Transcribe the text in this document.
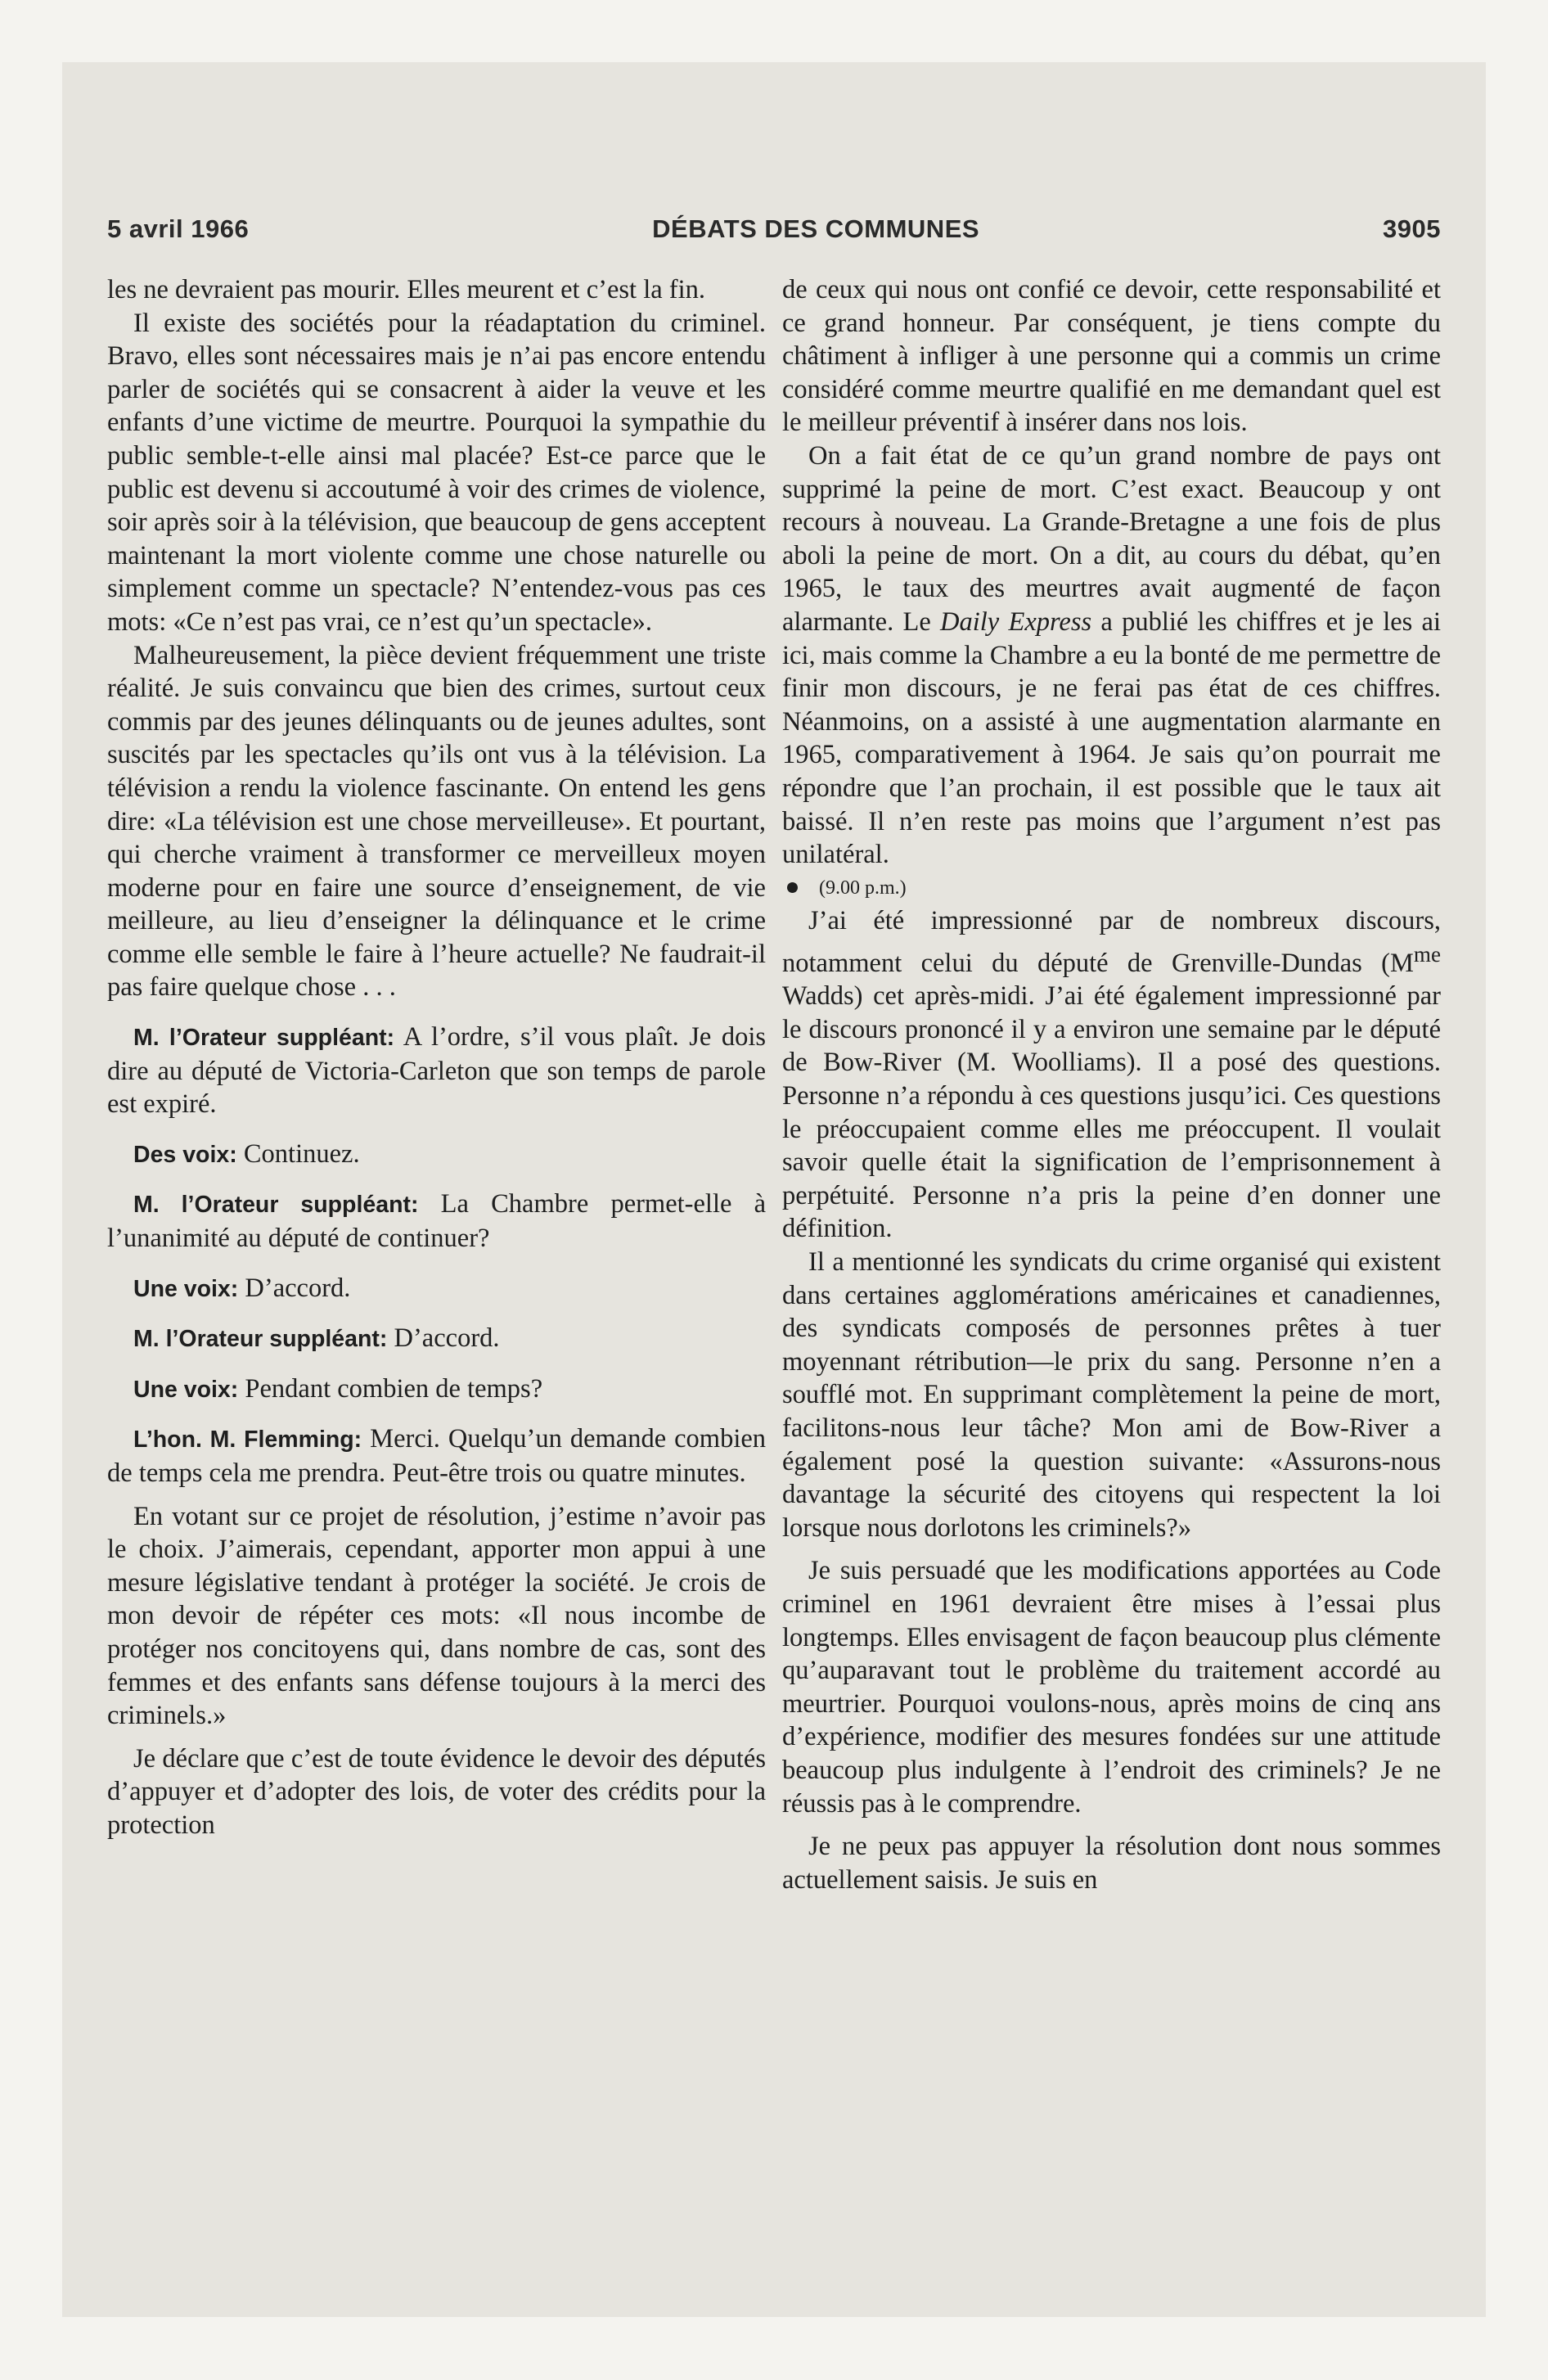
5 avril 1966	DÉBATS DES COMMUNES	3905

les ne devraient pas mourir. Elles meurent et c’est la fin.

Il existe des sociétés pour la réadaptation du criminel. Bravo, elles sont nécessaires mais je n’ai pas encore entendu parler de sociétés qui se consacrent à aider la veuve et les enfants d’une victime de meurtre. Pourquoi la sympathie du public semble-t-elle ainsi mal placée? Est-ce parce que le public est devenu si accoutumé à voir des crimes de violence, soir après soir à la télévision, que beaucoup de gens acceptent maintenant la mort violente comme une chose naturelle ou simplement comme un spectacle? N’entendez-vous pas ces mots: «Ce n’est pas vrai, ce n’est qu’un spectacle».

Malheureusement, la pièce devient fréquemment une triste réalité. Je suis convaincu que bien des crimes, surtout ceux commis par des jeunes délinquants ou de jeunes adultes, sont suscités par les spectacles qu’ils ont vus à la télévision. La télévision a rendu la violence fascinante. On entend les gens dire: «La télévision est une chose merveilleuse». Et pourtant, qui cherche vraiment à transformer ce merveilleux moyen moderne pour en faire une source d’enseignement, de vie meilleure, au lieu d’enseigner la délinquance et le crime comme elle semble le faire à l’heure actuelle? Ne faudrait-il pas faire quelque chose . . .

M. l’Orateur suppléant: A l’ordre, s’il vous plaît. Je dois dire au député de Victoria-Carleton que son temps de parole est expiré.

Des voix: Continuez.

M. l’Orateur suppléant: La Chambre permet-elle à l’unanimité au député de continuer?

Une voix: D’accord.

M. l’Orateur suppléant: D’accord.

Une voix: Pendant combien de temps?

L’hon. M. Flemming: Merci. Quelqu’un demande combien de temps cela me prendra. Peut-être trois ou quatre minutes.

En votant sur ce projet de résolution, j’estime n’avoir pas le choix. J’aimerais, cependant, apporter mon appui à une mesure législative tendant à protéger la société. Je crois de mon devoir de répéter ces mots: «Il nous incombe de protéger nos concitoyens qui, dans nombre de cas, sont des femmes et des enfants sans défense toujours à la merci des criminels.»

Je déclare que c’est de toute évidence le devoir des députés d’appuyer et d’adopter des lois, de voter des crédits pour la protection

de ceux qui nous ont confié ce devoir, cette responsabilité et ce grand honneur. Par conséquent, je tiens compte du châtiment à infliger à une personne qui a commis un crime considéré comme meurtre qualifié en me demandant quel est le meilleur préventif à insérer dans nos lois.

On a fait état de ce qu’un grand nombre de pays ont supprimé la peine de mort. C’est exact. Beaucoup y ont recours à nouveau. La Grande-Bretagne a une fois de plus aboli la peine de mort. On a dit, au cours du débat, qu’en 1965, le taux des meurtres avait augmenté de façon alarmante. Le Daily Express a publié les chiffres et je les ai ici, mais comme la Chambre a eu la bonté de me permettre de finir mon discours, je ne ferai pas état de ces chiffres. Néanmoins, on a assisté à une augmentation alarmante en 1965, comparativement à 1964. Je sais qu’on pourrait me répondre que l’an prochain, il est possible que le taux ait baissé. Il n’en reste pas moins que l’argument n’est pas unilatéral.

(9.00 p.m.)

J’ai été impressionné par de nombreux discours, notamment celui du député de Grenville-Dundas ($M^{me}$ Wadds) cet après-midi. J’ai été également impressionné par le discours prononcé il y a environ une semaine par le député de Bow-River (M. Woolliams). Il a posé des questions. Personne n’a répondu à ces questions jusqu’ici. Ces questions le préoccupaient comme elles me préoccupent. Il voulait savoir quelle était la signification de l’emprisonnement à perpétuité. Personne n’a pris la peine d’en donner une définition.

Il a mentionné les syndicats du crime organisé qui existent dans certaines agglomérations américaines et canadiennes, des syndicats composés de personnes prêtes à tuer moyennant rétribution—le prix du sang. Personne n’en a soufflé mot. En supprimant complètement la peine de mort, facilitons-nous leur tâche? Mon ami de Bow-River a également posé la question suivante: «Assurons-nous davantage la sécurité des citoyens qui respectent la loi lorsque nous dorlotons les criminels?»

Je suis persuadé que les modifications apportées au Code criminel en 1961 devraient être mises à l’essai plus longtemps. Elles envisagent de façon beaucoup plus clémente qu’auparavant tout le problème du traitement accordé au meurtrier. Pourquoi voulons-nous, après moins de cinq ans d’expérience, modifier des mesures fondées sur une attitude beaucoup plus indulgente à l’endroit des criminels? Je ne réussis pas à le comprendre.

Je ne peux pas appuyer la résolution dont nous sommes actuellement saisis. Je suis en
